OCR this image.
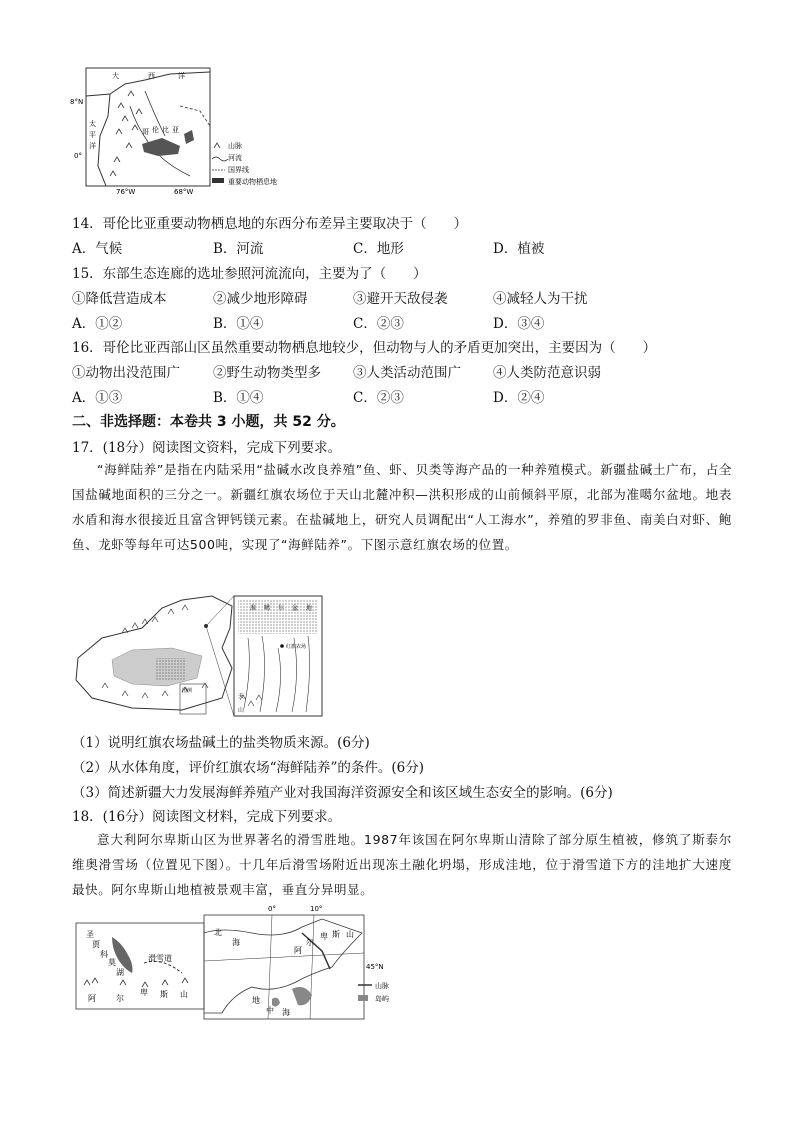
大	西	洋
太
平
洋
哥 伦 比 亚
8°N
0°
76°W	68°W
山脉
河流
国界线
重要动物栖息地
14．哥伦比亚重要动物栖息地的东西分布差异主要取决于（　　）
A．气候	B．河流	C．地形	D．植被
15．东部生态连廊的选址参照河流流向，主要为了（　　）
①降低营造成本	②减少地形障碍	③避开天敌侵袭	④减轻人为干扰
A．①②	B．①④	C．②③	D．③④
16．哥伦比亚西部山区虽然重要动物栖息地较少，但动物与人的矛盾更加突出，主要因为（　　）
①动物出没范围广 ②野生动物类型多 ③人类活动范围广 ④人类防范意识弱
A．①③	B．①④	C．②③	D．②④
二、非选择题：本卷共 3 小题，共 52 分。
17．(18分）阅读图文资料，完成下列要求。
“海鲜陆养”是指在内陆采用“盐碱水改良养殖”鱼、虾、贝类等海产品的一种养殖模式。新疆盐碱土广布，占全国盐碱地面积的三分之一。新疆红旗农场位于天山北麓冲积—洪积形成的山前倾斜平原，北部为准噶尔盆地。地表水盾和海水很接近且富含钾钙镁元素。在盐碱地上，研究人员调配出“人工海水”，养殖的罗非鱼、南美白对虾、鲍鱼、龙虾等每年可达500吨，实现了“海鲜陆养”。下图示意红旗农场的位置。
图例
准 噶 尔 盆 地
红旗农场
天
山
（1）说明红旗农场盐碱土的盐类物质来源。(6分)
（2）从水体角度，评价红旗农场“海鲜陆养”的条件。(6分)
（3）简述新疆大力发展海鲜养殖产业对我国海洋资源安全和该区域生态安全的影响。(6分)
18．(16分）阅读图文材料，完成下列要求。
意大利阿尔卑斯山区为世界著名的滑雪胜地。1987年该国在阿尔卑斯山清除了部分原生植被，修筑了斯泰尔维奥滑雪场（位置见下图）。十几年后滑雪场附近出现冻土融化坍塌，形成洼地，位于滑雪道下方的洼地扩大速度最快。阿尔卑斯山地植被景观丰富，垂直分异明显。
圣
贾
科
莫
湖
滑雪道
阿	尔
卑 斯 山
0°	10°
北
海
阿
尔
卑 斯 山
地
中 海
45°N
山脉
岛屿
